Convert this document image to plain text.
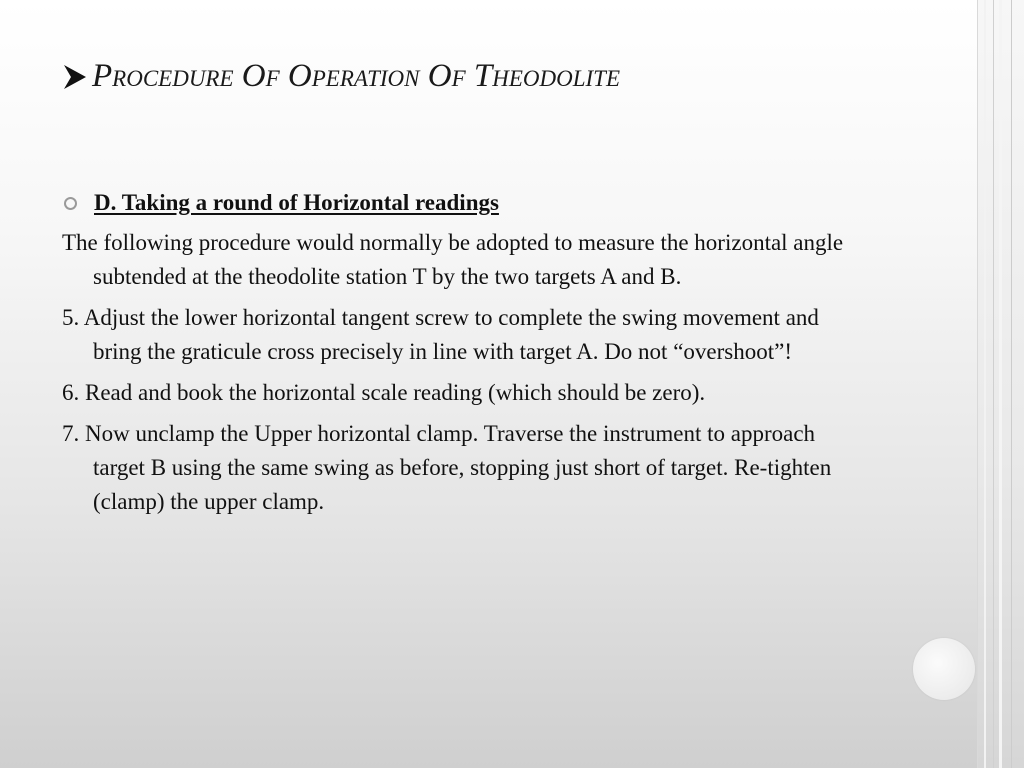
Procedure Of Operation Of Theodolite
D. Taking a round of Horizontal readings

The following procedure would normally be adopted to measure the horizontal angle subtended at the theodolite station T by the two targets A and B.

5. Adjust the lower horizontal tangent screw to complete the swing movement and bring the graticule cross precisely in line with target A. Do not “overshoot”!

6. Read and book the horizontal scale reading (which should be zero).

7. Now unclamp the Upper horizontal clamp. Traverse the instrument to approach target B using the same swing as before, stopping just short of target. Re-tighten (clamp) the upper clamp.
